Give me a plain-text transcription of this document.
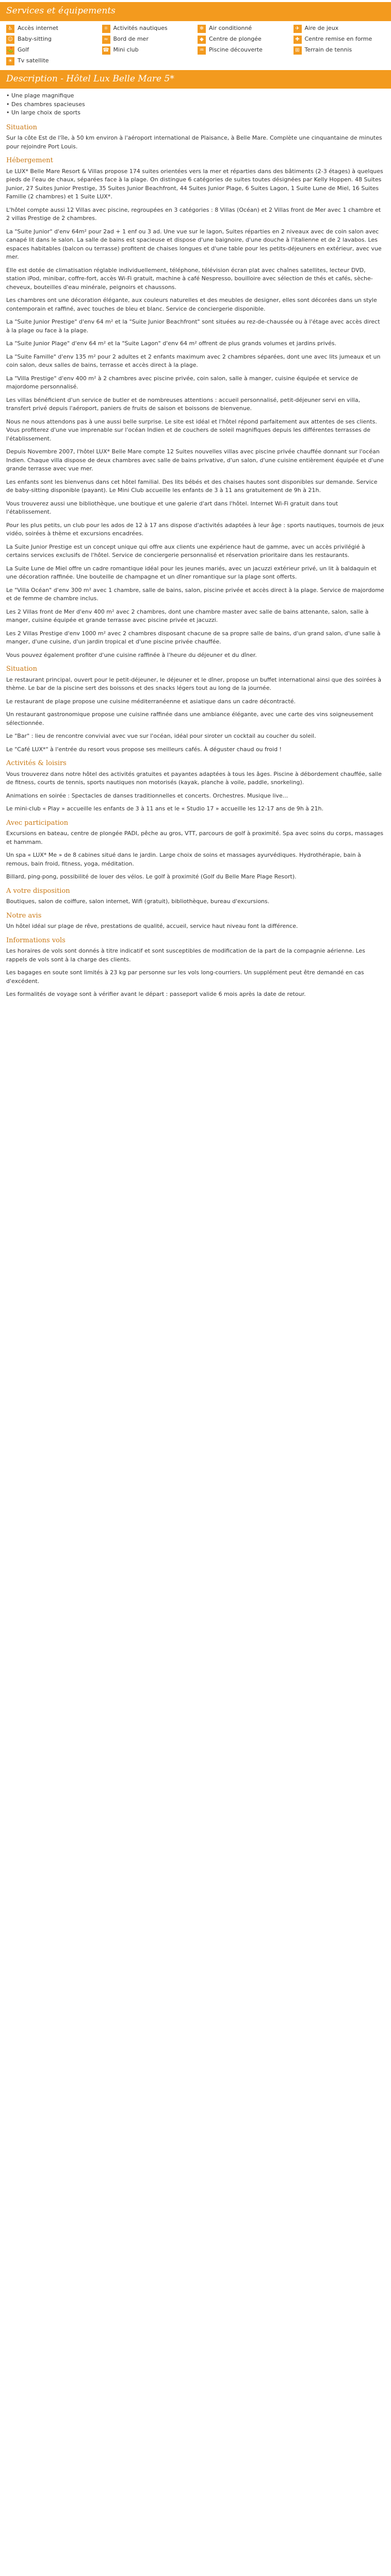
Services et équipements
♿ Accès internet	☼ Activités nautiques	❄ Air conditionné	✈ Aire de jeux
☺ Baby-sitting	≈ Bord de mer	◆ Centre de plongée	✚ Centre remise en forme
⛳ Golf	☎ Mini club	♒ Piscine découverte	⊞ Terrain de tennis
☀ Tv satellite
Description - Hôtel Lux Belle Mare 5*
• Une plage magnifique
• Des chambres spacieuses
• Un large choix de sports
Situation

Sur la côte Est de l'île, à 50 km environ à l'aéroport international de Plaisance, à Belle Mare. Complète une cinquantaine de minutes pour rejoindre Port Louis.

Hébergement

Le LUX* Belle Mare Resort & Villas propose 174 suites orientées vers la mer et réparties dans des bâtiments (2-3 étages) à quelques pieds de l'eau de chaux, séparées face à la plage. On distingue 6 catégories de suites toutes désignées par Kelly Hoppen. 48 Suites Junior, 27 Suites Junior Prestige, 35 Suites Junior Beachfront, 44 Suites Junior Plage, 6 Suites Lagon, 1 Suite Lune de Miel, 16 Suites Famille (2 chambres) et 1 Suite LUX*.

L'hôtel compte aussi 12 Villas avec piscine, regroupées en 3 catégories : 8 Villas (Océan) et 2 Villas front de Mer avec 1 chambre et 2 villas Prestige de 2 chambres.

La "Suite Junior" d'env 64m² pour 2ad + 1 enf ou 3 ad. Une vue sur le lagon, Suites réparties en 2 niveaux avec de coin salon avec canapé lit dans le salon. La salle de bains est spacieuse et dispose d'une baignoire, d'une douche à l'italienne et de 2 lavabos. Les espaces habitables (balcon ou terrasse) profitent de chaises longues et d'une table pour les petits-déjeuners en extérieur, avec vue mer.

Elle est dotée de climatisation réglable individuellement, téléphone, télévision écran plat avec chaînes satellites, lecteur DVD, station iPod, minibar, coffre-fort, accès Wi-Fi gratuit, machine à café Nespresso, bouilloire avec sélection de thés et cafés, sèche-cheveux, bouteilles d'eau minérale, peignoirs et chaussons.

Les chambres ont une décoration élégante, aux couleurs naturelles et des meubles de designer, elles sont décorées dans un style contemporain et raffiné, avec touches de bleu et blanc. Service de conciergerie disponible.

La "Suite Junior Prestige" d'env 64 m² et la "Suite Junior Beachfront" sont situées au rez-de-chaussée ou à l'étage avec accès direct à la plage ou face à la plage.

La "Suite Junior Plage" d'env 64 m² et la "Suite Lagon" d'env 64 m² offrent de plus grands volumes et jardins privés.

La "Suite Famille" d'env 135 m² pour 2 adultes et 2 enfants maximum avec 2 chambres séparées, dont une avec lits jumeaux et un coin salon, deux salles de bains, terrasse et accès direct à la plage.

La "Villa Prestige" d'env 400 m² à 2 chambres avec piscine privée, coin salon, salle à manger, cuisine équipée et service de majordome personnalisé.

Les villas bénéficient d'un service de butler et de nombreuses attentions : accueil personnalisé, petit-déjeuner servi en villa, transfert privé depuis l'aéroport, paniers de fruits de saison et boissons de bienvenue.

Nous ne nous attendons pas à une aussi belle surprise. Le site est idéal et l'hôtel répond parfaitement aux attentes de ses clients. Vous profiterez d'une vue imprenable sur l'océan Indien et de couchers de soleil magnifiques depuis les différentes terrasses de l'établissement.

Depuis Novembre 2007, l'hôtel LUX* Belle Mare compte 12 Suites nouvelles villas avec piscine privée chauffée donnant sur l'océan Indien. Chaque villa dispose de deux chambres avec salle de bains privative, d'un salon, d'une cuisine entièrement équipée et d'une grande terrasse avec vue mer.

Les enfants sont les bienvenus dans cet hôtel familial. Des lits bébés et des chaises hautes sont disponibles sur demande. Service de baby-sitting disponible (payant). Le Mini Club accueille les enfants de 3 à 11 ans gratuitement de 9h à 21h.

Vous trouverez aussi une bibliothèque, une boutique et une galerie d'art dans l'hôtel. Internet Wi-Fi gratuit dans tout l'établissement.

Pour les plus petits, un club pour les ados de 12 à 17 ans dispose d'activités adaptées à leur âge : sports nautiques, tournois de jeux vidéo, soirées à thème et excursions encadrées.

La Suite Junior Prestige est un concept unique qui offre aux clients une expérience haut de gamme, avec un accès privilégié à certains services exclusifs de l'hôtel. Service de conciergerie personnalisé et réservation prioritaire dans les restaurants.

La Suite Lune de Miel offre un cadre romantique idéal pour les jeunes mariés, avec un jacuzzi extérieur privé, un lit à baldaquin et une décoration raffinée. Une bouteille de champagne et un dîner romantique sur la plage sont offerts.

Le "Villa Océan" d'env 300 m² avec 1 chambre, salle de bains, salon, piscine privée et accès direct à la plage. Service de majordome et de femme de chambre inclus.

Les 2 Villas front de Mer d'env 400 m² avec 2 chambres, dont une chambre master avec salle de bains attenante, salon, salle à manger, cuisine équipée et grande terrasse avec piscine privée et jacuzzi.

Les 2 Villas Prestige d'env 1000 m² avec 2 chambres disposant chacune de sa propre salle de bains, d'un grand salon, d'une salle à manger, d'une cuisine, d'un jardin tropical et d'une piscine privée chauffée.

Vous pouvez également profiter d'une cuisine raffinée à l'heure du déjeuner et du dîner.

Situation

Le restaurant principal, ouvert pour le petit-déjeuner, le déjeuner et le dîner, propose un buffet international ainsi que des soirées à thème. Le bar de la piscine sert des boissons et des snacks légers tout au long de la journée.

Le restaurant de plage propose une cuisine méditerranéenne et asiatique dans un cadre décontracté.

Un restaurant gastronomique propose une cuisine raffinée dans une ambiance élégante, avec une carte des vins soigneusement sélectionnée.

Le "Bar" : lieu de rencontre convivial avec vue sur l'océan, idéal pour siroter un cocktail au coucher du soleil.

Le "Café LUX*" à l'entrée du resort vous propose ses meilleurs cafés. À déguster chaud ou froid !

Activités & loisirs

Vous trouverez dans notre hôtel des activités gratuites et payantes adaptées à tous les âges. Piscine à débordement chauffée, salle de fitness, courts de tennis, sports nautiques non motorisés (kayak, planche à voile, paddle, snorkeling).

Animations en soirée : Spectacles de danses traditionnelles et concerts. Orchestres. Musique live...

Le mini-club « Play » accueille les enfants de 3 à 11 ans et le « Studio 17 » accueille les 12-17 ans de 9h à 21h.

Avec participation

Excursions en bateau, centre de plongée PADI, pêche au gros, VTT, parcours de golf à proximité. Spa avec soins du corps, massages et hammam.

Un spa « LUX* Me » de 8 cabines situé dans le jardin. Large choix de soins et massages ayurvédiques. Hydrothérapie, bain à remous, bain froid, fitness, yoga, méditation.

Billard, ping-pong, possibilité de louer des vélos. Le golf à proximité (Golf du Belle Mare Plage Resort).

A votre disposition

Boutiques, salon de coiffure, salon internet, Wifi (gratuit), bibliothèque, bureau d'excursions.

Notre avis

Un hôtel idéal sur plage de rêve, prestations de qualité, accueil, service haut niveau font la différence.

Informations vols

Les horaires de vols sont donnés à titre indicatif et sont susceptibles de modification de la part de la compagnie aérienne. Les rappels de vols sont à la charge des clients.

Les bagages en soute sont limités à 23 kg par personne sur les vols long-courriers. Un supplément peut être demandé en cas d'excédent.

Les formalités de voyage sont à vérifier avant le départ : passeport valide 6 mois après la date de retour.
